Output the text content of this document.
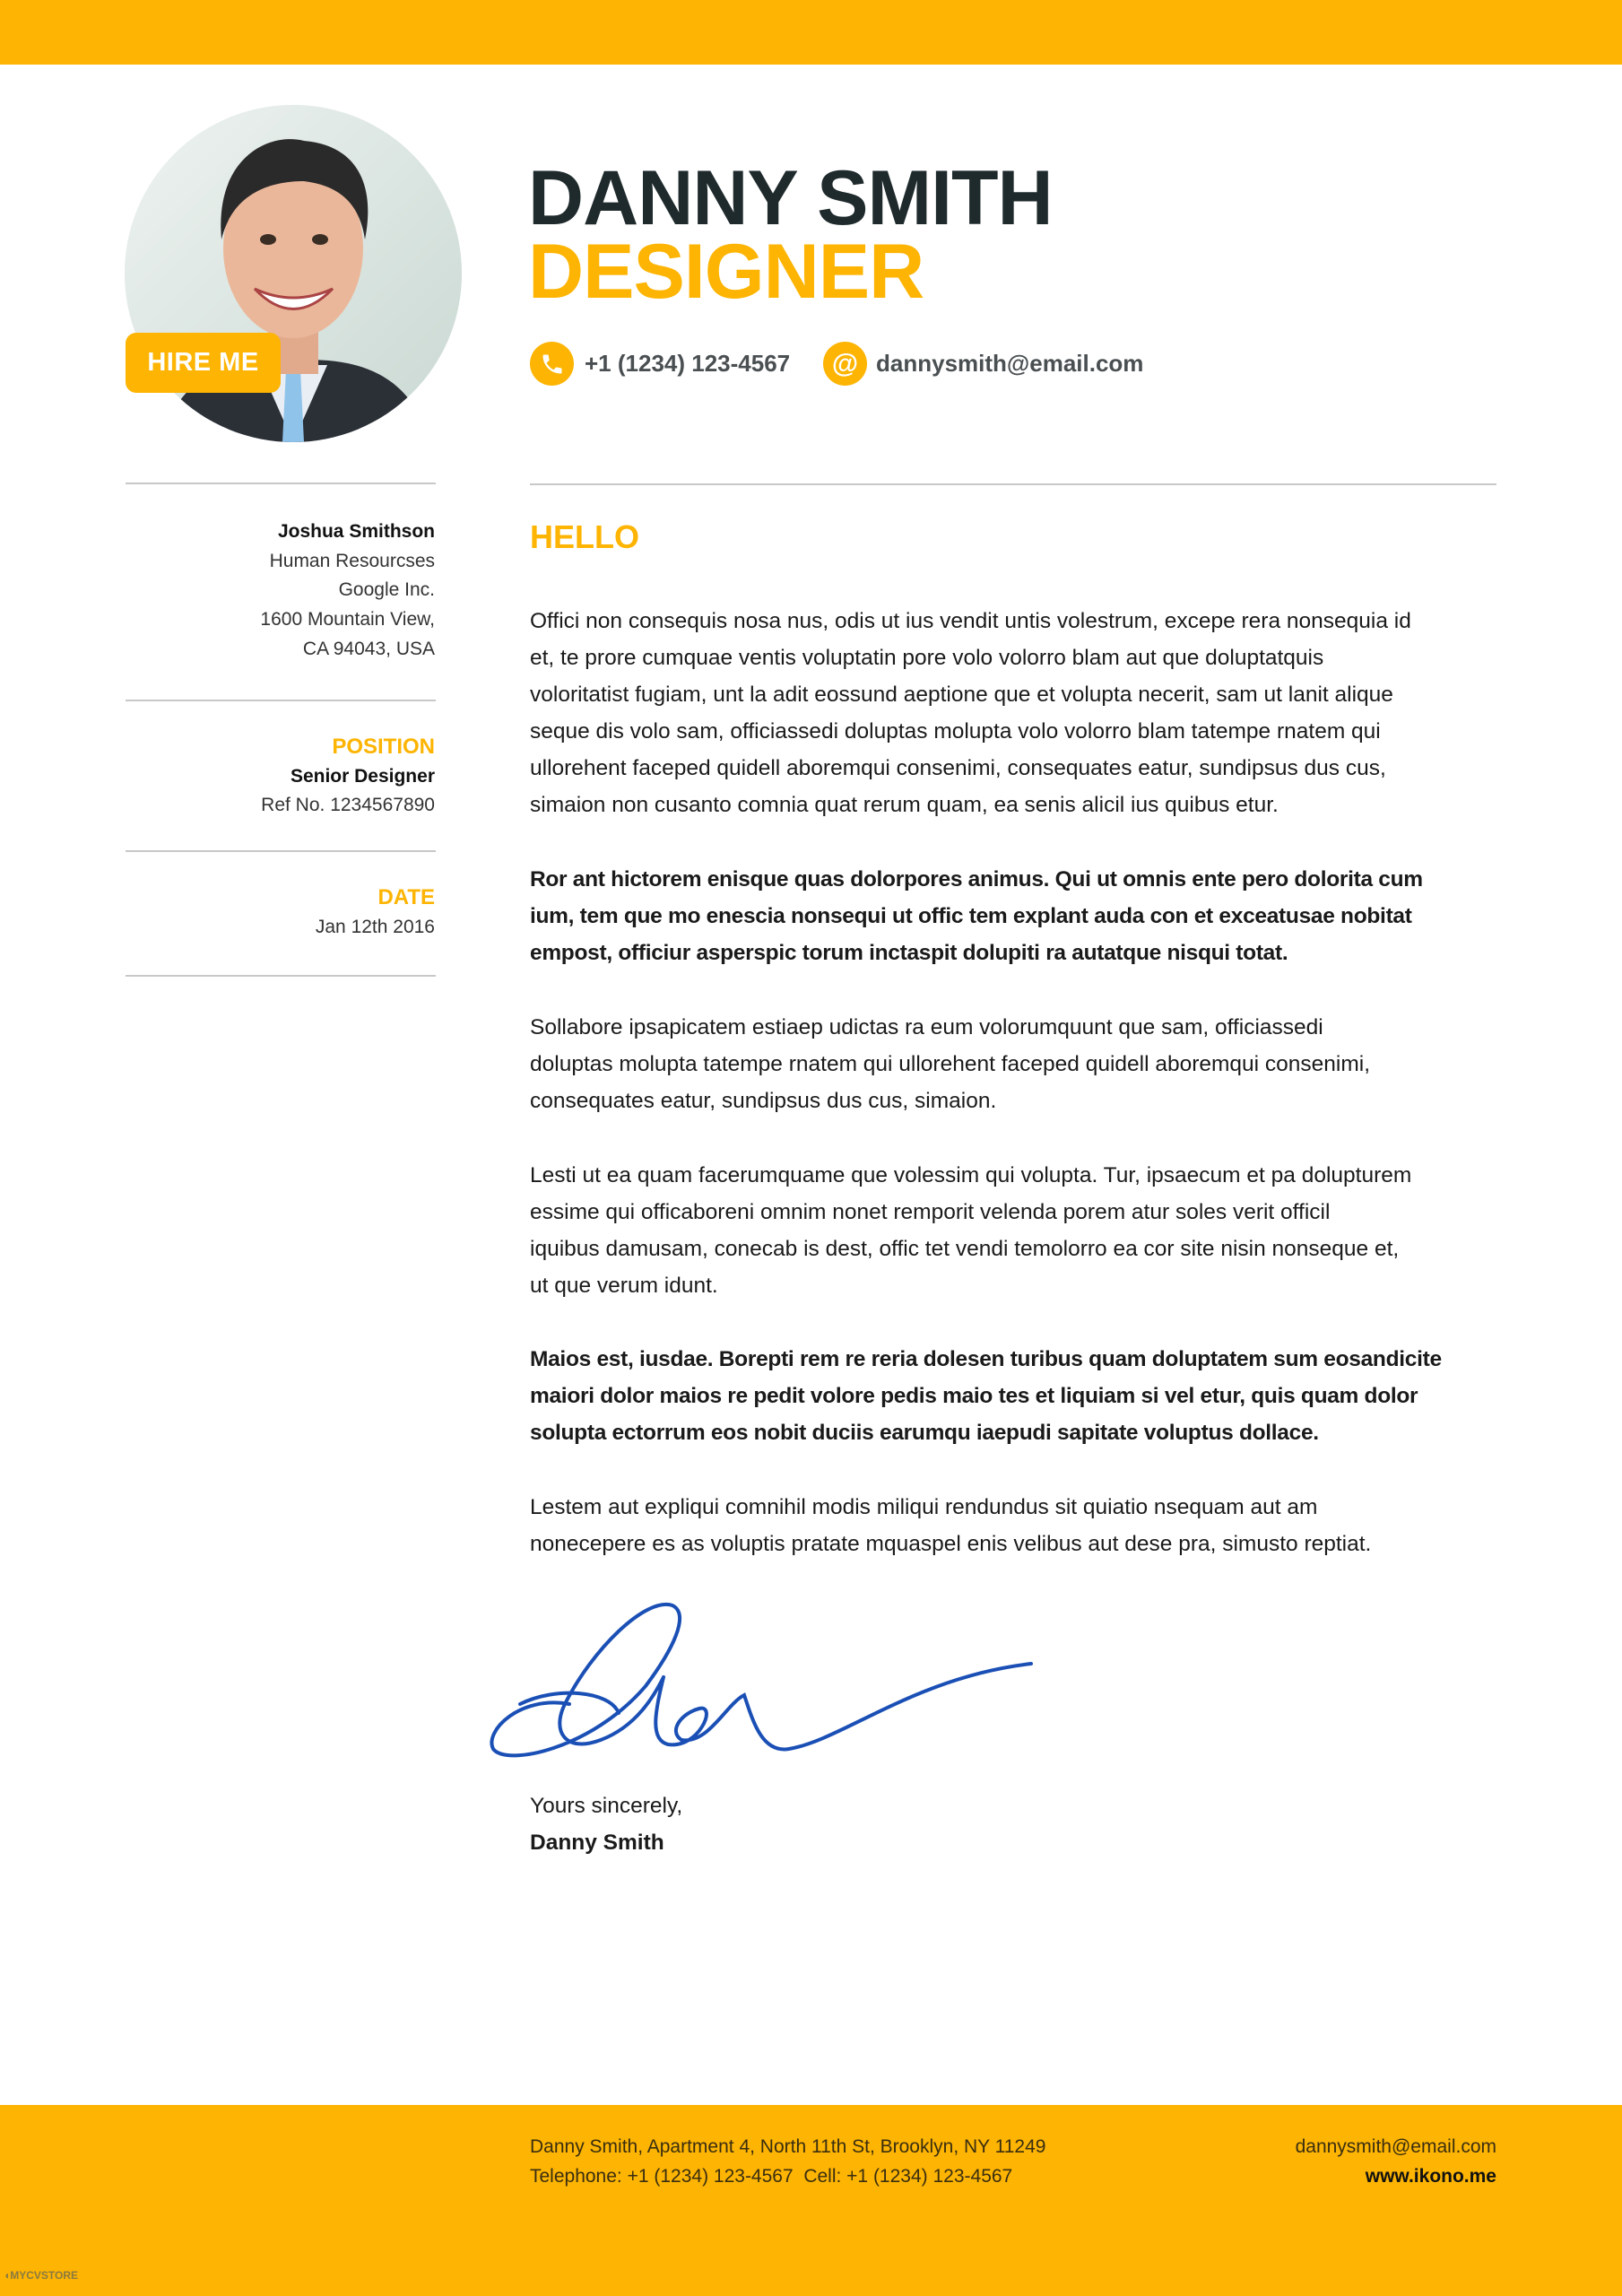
HIRE ME
DANNY SMITH
DESIGNER
+1 (1234) 123-4567	@ dannysmith@email.com
Joshua Smithson
Human Resourcses
Google Inc.
1600 Mountain View,
CA 94043, USA
POSITION
Senior Designer
Ref No. 1234567890
DATE
Jan 12th 2016
HELLO
Offici non consequis nosa nus, odis ut ius vendit untis volestrum, excepe rera nonsequia id
et, te prore cumquae ventis voluptatin pore volo volorro blam aut que doluptatquis
voloritatist fugiam, unt la adit eossund aeptione que et volupta necerit, sam ut lanit alique
seque dis volo sam, officiassedi doluptas molupta volo volorro blam tatempe rnatem qui
ullorehent faceped quidell aboremqui consenimi, consequates eatur, sundipsus dus cus,
simaion non cusanto comnia quat rerum quam, ea senis alicil ius quibus etur.
Ror ant hictorem enisque quas dolorpores animus. Qui ut omnis ente pero dolorita cum
ium, tem que mo enescia nonsequi ut offic tem explant auda con et exceatusae nobitat
empost, officiur asperspic torum inctaspit dolupiti ra autatque nisqui totat.
Sollabore ipsapicatem estiaep udictas ra eum volorumquunt que sam, officiassedi
doluptas molupta tatempe rnatem qui ullorehent faceped quidell aboremqui consenimi,
consequates eatur, sundipsus dus cus, simaion.
Lesti ut ea quam facerumquame que volessim qui volupta. Tur, ipsaecum et pa dolupturem
essime qui officaboreni omnim nonet remporit velenda porem atur soles verit officil
iquibus damusam, conecab is dest, offic tet vendi temolorro ea cor site nisin nonseque et,
ut que verum idunt.
Maios est, iusdae. Borepti rem re reria dolesen turibus quam doluptatem sum eosandicite
maiori dolor maios re pedit volore pedis maio tes et liquiam si vel etur, quis quam dolor
solupta ectorrum eos nobit duciis earumqu iaepudi sapitate voluptus dollace.
Lestem aut expliqui comnihil modis miliqui rendundus sit quiatio nsequam aut am
nonecepere es as voluptis pratate mquaspel enis velibus aut dese pra, simusto reptiat.
Yours sincerely,
Danny Smith
Danny Smith, Apartment 4, North 11th St, Brooklyn, NY 11249
Telephone: +1 (1234) 123-4567  Cell: +1 (1234) 123-4567
dannysmith@email.com
www.ikono.me
◖MYCVSTORE
